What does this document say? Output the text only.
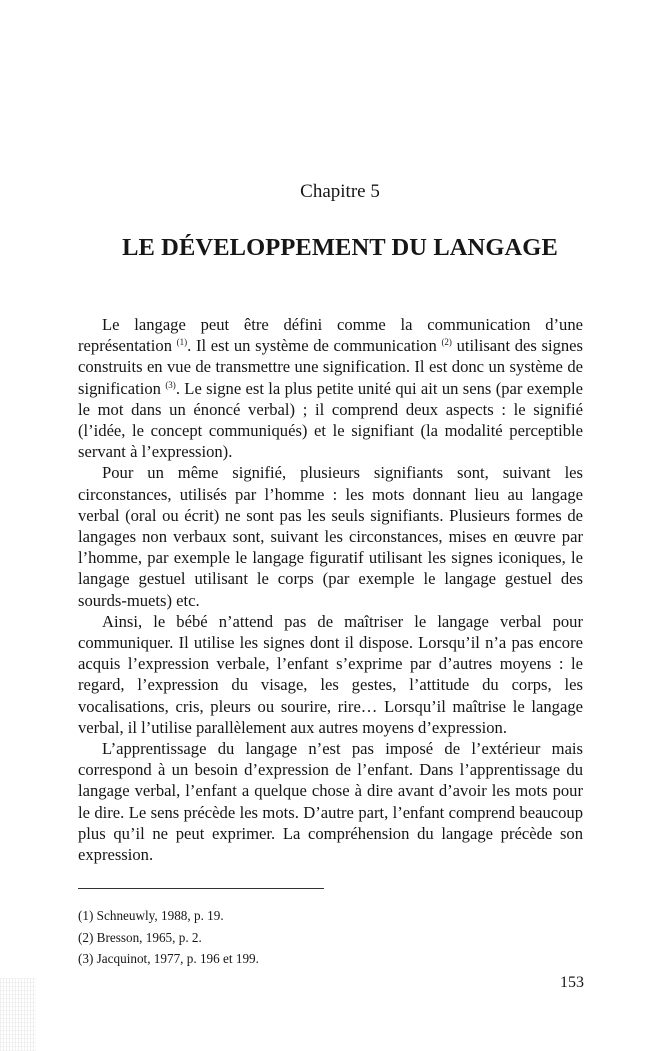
Chapitre 5
LE DÉVELOPPEMENT DU LANGAGE

Le langage peut être défini comme la communication d’une représentation $^{(1)}$. Il est un système de communication $^{(2)}$ utilisant des signes construits en vue de transmettre une signification. Il est donc un système de signification $^{(3)}$. Le signe est la plus petite unité qui ait un sens (par exemple le mot dans un énoncé verbal) ; il comprend deux aspects : le signifié (l’idée, le concept communiqués) et le signifiant (la modalité perceptible servant à l’expression).

Pour un même signifié, plusieurs signifiants sont, suivant les circonstances, utilisés par l’homme : les mots donnant lieu au langage verbal (oral ou écrit) ne sont pas les seuls signifiants. Plusieurs formes de langages non verbaux sont, suivant les circonstances, mises en œuvre par l’homme, par exemple le langage figuratif utilisant les signes iconiques, le langage gestuel utilisant le corps (par exemple le langage gestuel des sourds-muets) etc.

Ainsi, le bébé n’attend pas de maîtriser le langage verbal pour communiquer. Il utilise les signes dont il dispose. Lorsqu’il n’a pas encore acquis l’expression verbale, l’enfant s’exprime par d’autres moyens : le regard, l’expression du visage, les gestes, l’attitude du corps, les vocalisations, cris, pleurs ou sourire, rire… Lorsqu’il maîtrise le langage verbal, il l’utilise parallèlement aux autres moyens d’expression.

L’apprentissage du langage n’est pas imposé de l’extérieur mais correspond à un besoin d’expression de l’enfant. Dans l’apprentissage du langage verbal, l’enfant a quelque chose à dire avant d’avoir les mots pour le dire. Le sens précède les mots. D’autre part, l’enfant comprend beaucoup plus qu’il ne peut exprimer. La compréhension du langage précède son expression.

(1) Schneuwly, 1988, p. 19.

(2) Bresson, 1965, p. 2.

(3) Jacquinot, 1977, p. 196 et 199.

153
